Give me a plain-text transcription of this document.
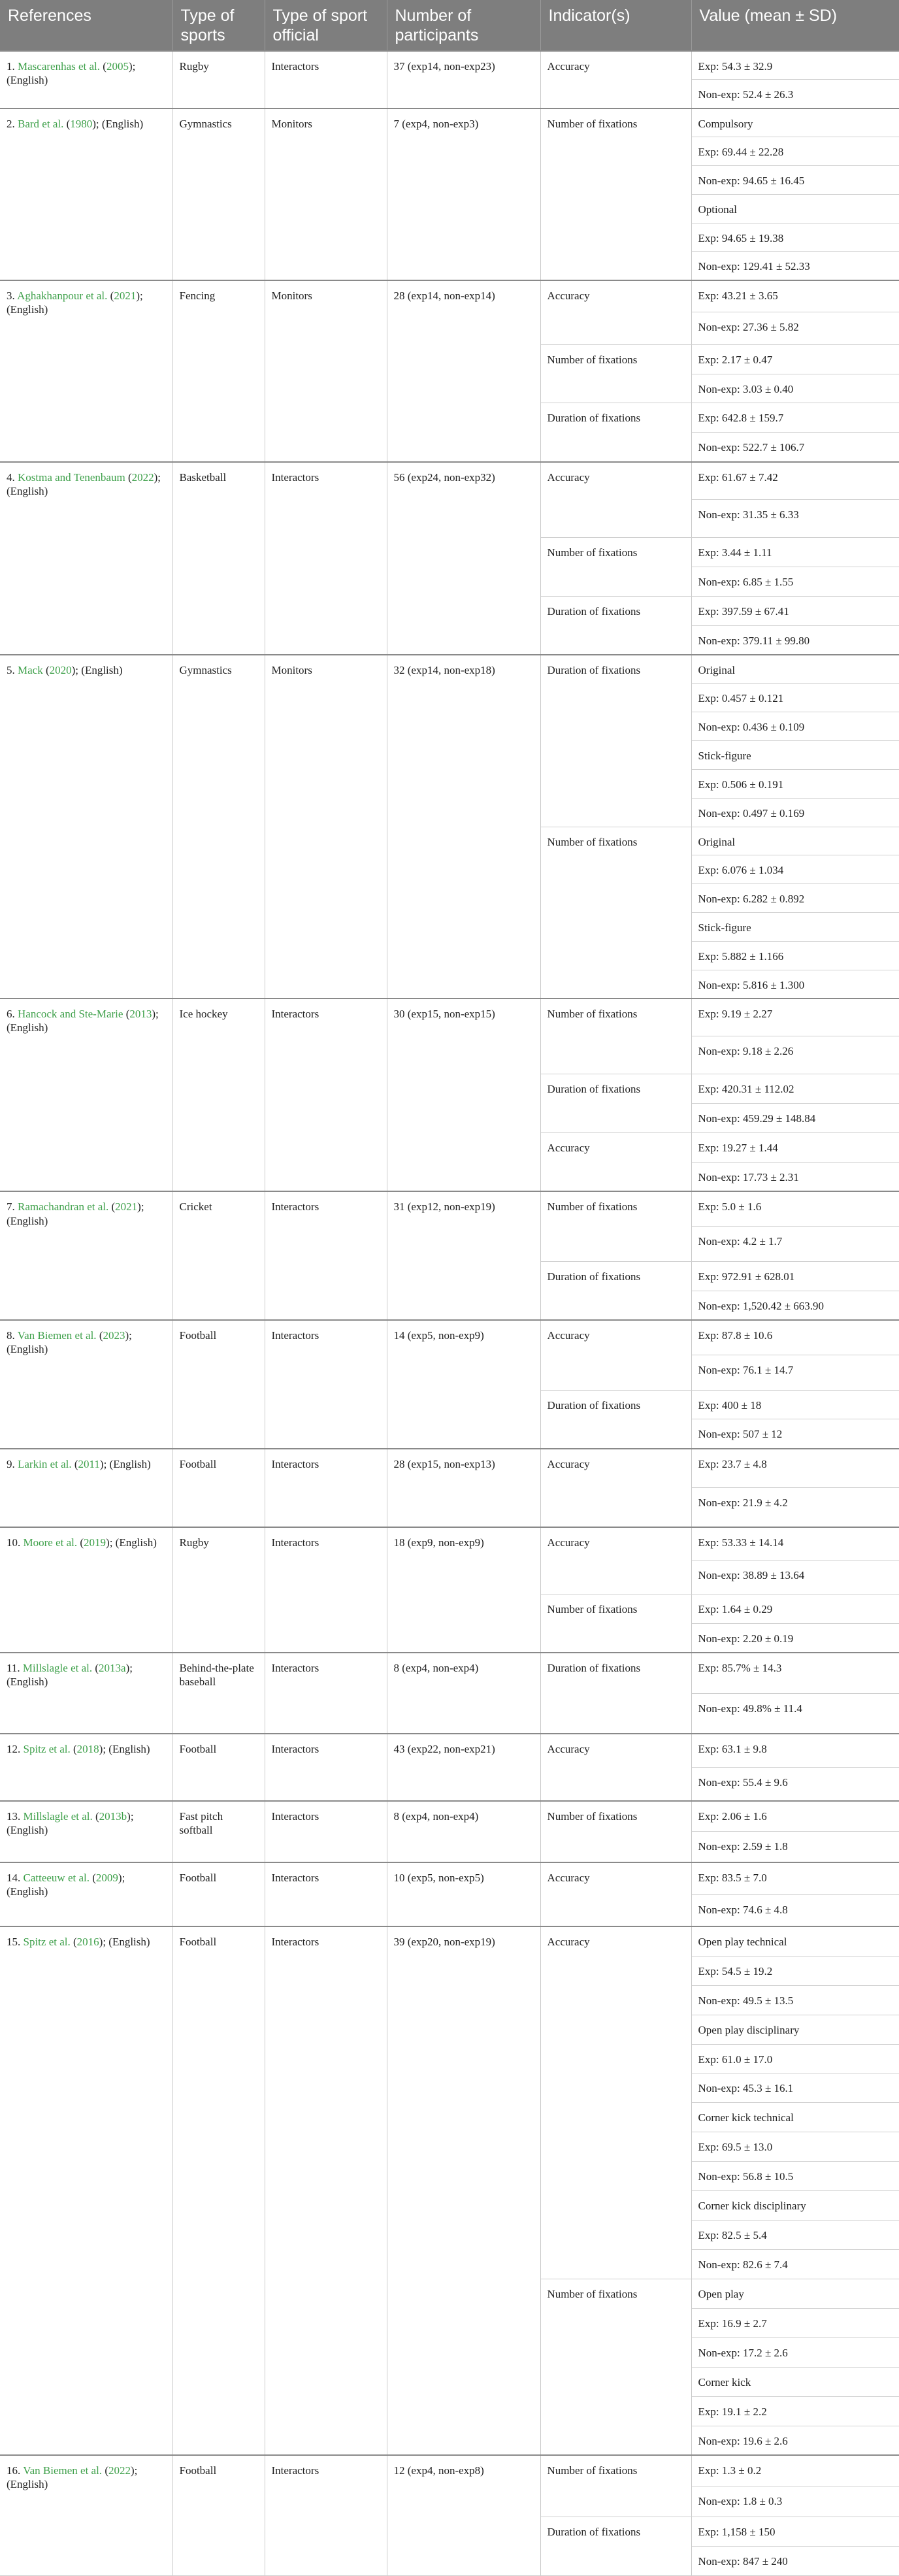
References	Type of sports	Type of sport official	Number of participants	Indicator(s)	Value (mean ± SD)
1. Mascarenhas et al. (2005); (English)	Rugby	Interactors	37 (exp14, non-exp23)	Accuracy	Exp: 54.3 ± 32.9
					Non-exp: 52.4 ± 26.3
2. Bard et al. (1980); (English)	Gymnastics	Monitors	7 (exp4, non-exp3)	Number of fixations	Compulsory
					Exp: 69.44 ± 22.28
					Non-exp: 94.65 ± 16.45
					Optional
					Exp: 94.65 ± 19.38
					Non-exp: 129.41 ± 52.33
3. Aghakhanpour et al. (2021); (English)	Fencing	Monitors	28 (exp14, non-exp14)	Accuracy	Exp: 43.21 ± 3.65
					Non-exp: 27.36 ± 5.82
				Number of fixations	Exp: 2.17 ± 0.47
					Non-exp: 3.03 ± 0.40
				Duration of fixations	Exp: 642.8 ± 159.7
					Non-exp: 522.7 ± 106.7
4. Kostma and Tenenbaum (2022); (English)	Basketball	Interactors	56 (exp24, non-exp32)	Accuracy	Exp: 61.67 ± 7.42
					Non-exp: 31.35 ± 6.33
				Number of fixations	Exp: 3.44 ± 1.11
					Non-exp: 6.85 ± 1.55
				Duration of fixations	Exp: 397.59 ± 67.41
					Non-exp: 379.11 ± 99.80
5. Mack (2020); (English)	Gymnastics	Monitors	32 (exp14, non-exp18)	Duration of fixations	Original
					Exp: 0.457 ± 0.121
					Non-exp: 0.436 ± 0.109
					Stick-figure
					Exp: 0.506 ± 0.191
					Non-exp: 0.497 ± 0.169
				Number of fixations	Original
					Exp: 6.076 ± 1.034
					Non-exp: 6.282 ± 0.892
					Stick-figure
					Exp: 5.882 ± 1.166
					Non-exp: 5.816 ± 1.300
6. Hancock and Ste-Marie (2013); (English)	Ice hockey	Interactors	30 (exp15, non-exp15)	Number of fixations	Exp: 9.19 ± 2.27
					Non-exp: 9.18 ± 2.26
				Duration of fixations	Exp: 420.31 ± 112.02
					Non-exp: 459.29 ± 148.84
				Accuracy	Exp: 19.27 ± 1.44
					Non-exp: 17.73 ± 2.31
7. Ramachandran et al. (2021); (English)	Cricket	Interactors	31 (exp12, non-exp19)	Number of fixations	Exp: 5.0 ± 1.6
					Non-exp: 4.2 ± 1.7
				Duration of fixations	Exp: 972.91 ± 628.01
					Non-exp: 1,520.42 ± 663.90
8. Van Biemen et al. (2023); (English)	Football	Interactors	14 (exp5, non-exp9)	Accuracy	Exp: 87.8 ± 10.6
					Non-exp: 76.1 ± 14.7
				Duration of fixations	Exp: 400 ± 18
					Non-exp: 507 ± 12
9. Larkin et al. (2011); (English)	Football	Interactors	28 (exp15, non-exp13)	Accuracy	Exp: 23.7 ± 4.8
					Non-exp: 21.9 ± 4.2
10. Moore et al. (2019); (English)	Rugby	Interactors	18 (exp9, non-exp9)	Accuracy	Exp: 53.33 ± 14.14
					Non-exp: 38.89 ± 13.64
				Number of fixations	Exp: 1.64 ± 0.29
					Non-exp: 2.20 ± 0.19
11. Millslagle et al. (2013a); (English)	Behind-the-plate baseball	Interactors	8 (exp4, non-exp4)	Duration of fixations	Exp: 85.7% ± 14.3
					Non-exp: 49.8% ± 11.4
12. Spitz et al. (2018); (English)	Football	Interactors	43 (exp22, non-exp21)	Accuracy	Exp: 63.1 ± 9.8
					Non-exp: 55.4 ± 9.6
13. Millslagle et al. (2013b); (English)	Fast pitch softball	Interactors	8 (exp4, non-exp4)	Number of fixations	Exp: 2.06 ± 1.6
					Non-exp: 2.59 ± 1.8
14. Catteeuw et al. (2009); (English)	Football	Interactors	10 (exp5, non-exp5)	Accuracy	Exp: 83.5 ± 7.0
					Non-exp: 74.6 ± 4.8
15. Spitz et al. (2016); (English)	Football	Interactors	39 (exp20, non-exp19)	Accuracy	Open play technical
					Exp: 54.5 ± 19.2
					Non-exp: 49.5 ± 13.5
					Open play disciplinary
					Exp: 61.0 ± 17.0
					Non-exp: 45.3 ± 16.1
					Corner kick technical
					Exp: 69.5 ± 13.0
					Non-exp: 56.8 ± 10.5
					Corner kick disciplinary
					Exp: 82.5 ± 5.4
					Non-exp: 82.6 ± 7.4
				Number of fixations	Open play
					Exp: 16.9 ± 2.7
					Non-exp: 17.2 ± 2.6
					Corner kick
					Exp: 19.1 ± 2.2
					Non-exp: 19.6 ± 2.6
16. Van Biemen et al. (2022); (English)	Football	Interactors	12 (exp4, non-exp8)	Number of fixations	Exp: 1.3 ± 0.2
					Non-exp: 1.8 ± 0.3
				Duration of fixations	Exp: 1,158 ± 150
					Non-exp: 847 ± 240
